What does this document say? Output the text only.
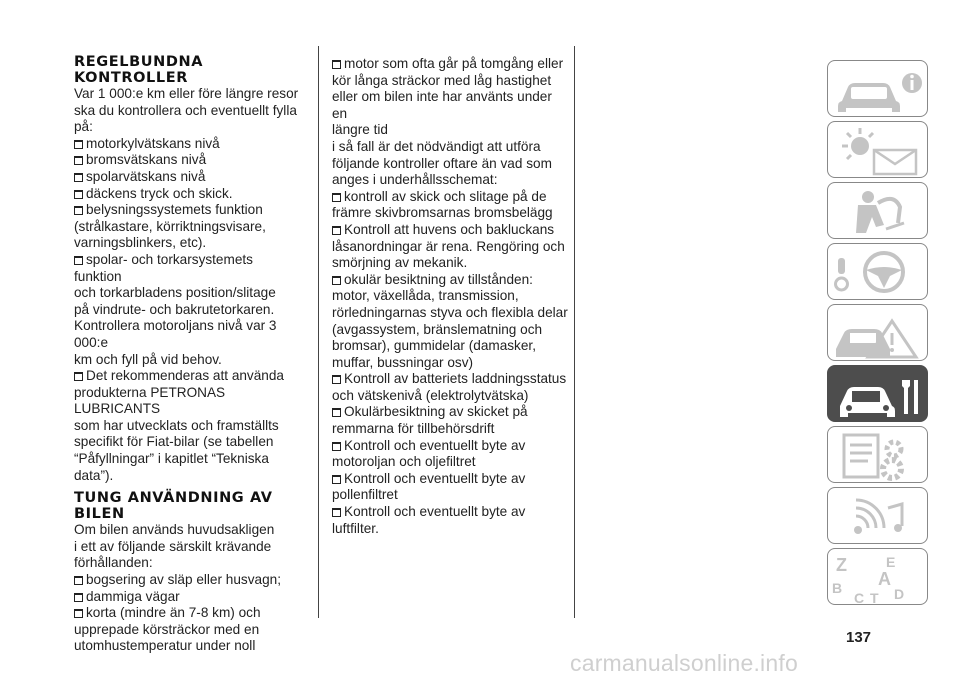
REGELBUNDNA
KONTROLLER

Var 1 000:e km eller före längre resor
ska du kontrollera och eventuellt fylla
på:

motorkylvätskans nivå

bromsvätskans nivå

spolarvätskans nivå

däckens tryck och skick.

belysningssystemets funktion
(strålkastare, körriktningsvisare,
varningsblinkers, etc).

spolar- och torkarsystemets funktion
och torkarbladens position/slitage
på vindrute- och bakrutetorkaren.

Kontrollera motoroljans nivå var 3 000:e
km och fyll på vid behov.

Det rekommenderas att använda
produkterna PETRONAS LUBRICANTS
som har utvecklats och framställts
specifikt för Fiat-bilar (se tabellen
“Påfyllningar” i kapitlet “Tekniska data”).

TUNG ANVÄNDNING AV
BILEN

Om bilen används huvudsakligen
i ett av följande särskilt krävande
förhållanden:

bogsering av släp eller husvagn;

dammiga vägar

korta (mindre än 7-8 km) och
upprepade körsträckor med en
utomhustemperatur under noll

motor som ofta går på tomgång eller
kör långa sträckor med låg hastighet
eller om bilen inte har använts under en
längre tid

i så fall är det nödvändigt att utföra
följande kontroller oftare än vad som
anges i underhållsschemat:

kontroll av skick och slitage på de
främre skivbromsarnas bromsbelägg

Kontroll att huvens och bakluckans
låsanordningar är rena. Rengöring och
smörjning av mekanik.

okulär besiktning av tillstånden:
motor, växellåda, transmission,
rörledningarnas styva och flexibla delar
(avgassystem, bränslematning och
bromsar), gummidelar (damasker,
muffar, bussningar osv)

Kontroll av batteriets laddningsstatus
och vätskenivå (elektrolytvätska)

Okulärbesiktning av skicket på
remmarna för tillbehörsdrift

Kontroll och eventuellt byte av
motoroljan och oljefiltret

Kontroll och eventuellt byte av
pollenfiltret

Kontroll och eventuellt byte av
luftfilter.

Z	E
A
B
C T D
137
carmanualsonline.info
